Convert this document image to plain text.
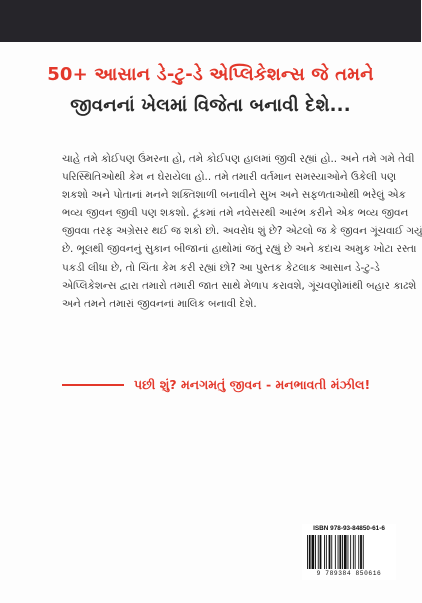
50+ આસાન ડે-ટુ-ડે એપ્લિકેશન્સ જે તમને
જીવનનાં ખેલમાં વિજેતા બનાવી દેશે...
ચાહે તમે કોઈપણ ઉંમરના હો, તમે કોઈપણ હાલમાં જીવી રહ્યાં હો.. અને તમે ગમે તેવી
પરિસ્થિતિઓથી કેમ ન ઘેરાયેલા હો.. તમે તમારી વર્તમાન સમસ્યાઓને ઉકેલી પણ
શકશો અને પોતાનાં મનને શક્તિશાળી બનાવીને સુખ અને સફળતાઓથી ભરેલું એક
ભવ્ય જીવન જીવી પણ શકશો. ટૂંકમાં તમે નવેસરથી આરંભ કરીને એક ભવ્ય જીવન
જીવવા તરફ અગ્રેસર થઈ જ શકો છો. અવરોધ શું છે? એટલો જ કે જીવન ગૂંચવાઈ ગયું
છે. ભૂલથી જીવનનું સુકાન બીજાનાં હાથોમાં જતું રહ્યું છે અને કદાચ અમુક ખોટા રસ્તા
પકડી લીધા છે, તો ચિંતા કેમ કરી રહ્યાં છો? આ પુસ્તક કેટલાક આસાન ડે-ટુ-ડે
એપ્લિકેશન્સ દ્વારા તમારો તમારી જાત સાથે મેળાપ કરાવશે, ગૂંચવણોમાંથી બહાર કાઢશે
અને તમને તમારાં જીવનનાં માલિક બનાવી દેશે.
પછી શું? મનગમતું જીવન - મનભાવતી મંઝીલ!
ISBN 978-93-84850-61-6
9 789384 850616
